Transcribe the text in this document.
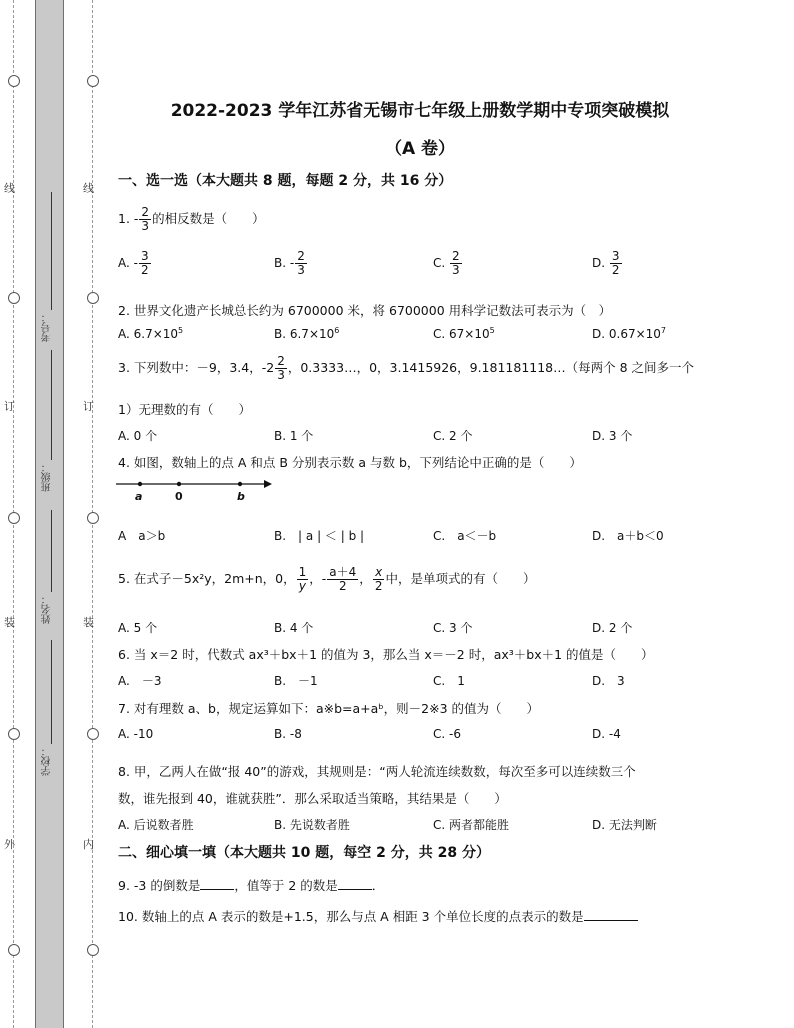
线
订
装
外
线
订
装
内
考号：
班级：
姓名：
学校：
2022-2023 学年江苏省无锡市七年级上册数学期中专项突破模拟
（A 卷）
一、选一选（本大题共 8 题，每题 2 分，共 16 分）
1. - $\frac{2}{3}$ 的相反数是（　　）
A. - $\frac{3}{2}$	B. - $\frac{2}{3}$	C. $\frac{2}{3}$	D. $\frac{3}{2}$
2. 世界文化遗产长城总长约为 6700000 米，将 6700000 用科学记数法可表示为（　）
A. $6.7\times 10^5$	B. $6.7\times 10^6$	C. $67\times 10^5$	D. $0.67\times 10^7$
3. 下列数中：－9，3.4，$-2 \frac{2}{3}$ ，0.3333…，0，3.1415926，9.181181118…（每两个 8 之间多一个
1）无理数的有（　　）
A. 0 个	B. 1 个	C. 2 个	D. 3 个
4. 如图，数轴上的点 A 和点 B 分别表示数 a 与数 b，下列结论中正确的是（　　）
a	0	b
A　a＞b	B.　| a | ＜ | b |	C.　a＜－b	D.　a＋b＜0
5. 在式子－5x²y，2m+n，0， $\frac{1}{y}$ ，- $\frac{a+4}{2}$ ， $\frac{x}{2}$ 中，是单项式的有（　　）
A. 5 个	B. 4 个	C. 3 个	D. 2 个
6. 当 x＝2 时，代数式 ax³＋bx＋1 的值为 3，那么当 x＝－2 时，ax³＋bx＋1 的值是（　　）
A.　－3	B.　－1	C.　1	D.　3
7. 对有理数 a、b，规定运算如下：a※b=a+aᵇ，则－2※3 的值为（　　）
A. -10	B. -8	C. -6	D. -4
8. 甲，乙两人在做“报 40”的游戏，其规则是：“两人轮流连续数数，每次至多可以连续数三个
数，谁先报到 40，谁就获胜”．那么采取适当策略，其结果是（　　）
A. 后说数者胜	B. 先说数者胜	C. 两者都能胜	D. 无法判断
二、细心填一填（本大题共 10 题，每空 2 分，共 28 分）
9. -3 的倒数是	，值等于 2 的数是	．
10. 数轴上的点 A 表示的数是+1.5，那么与点 A 相距 3 个单位长度的点表示的数是
